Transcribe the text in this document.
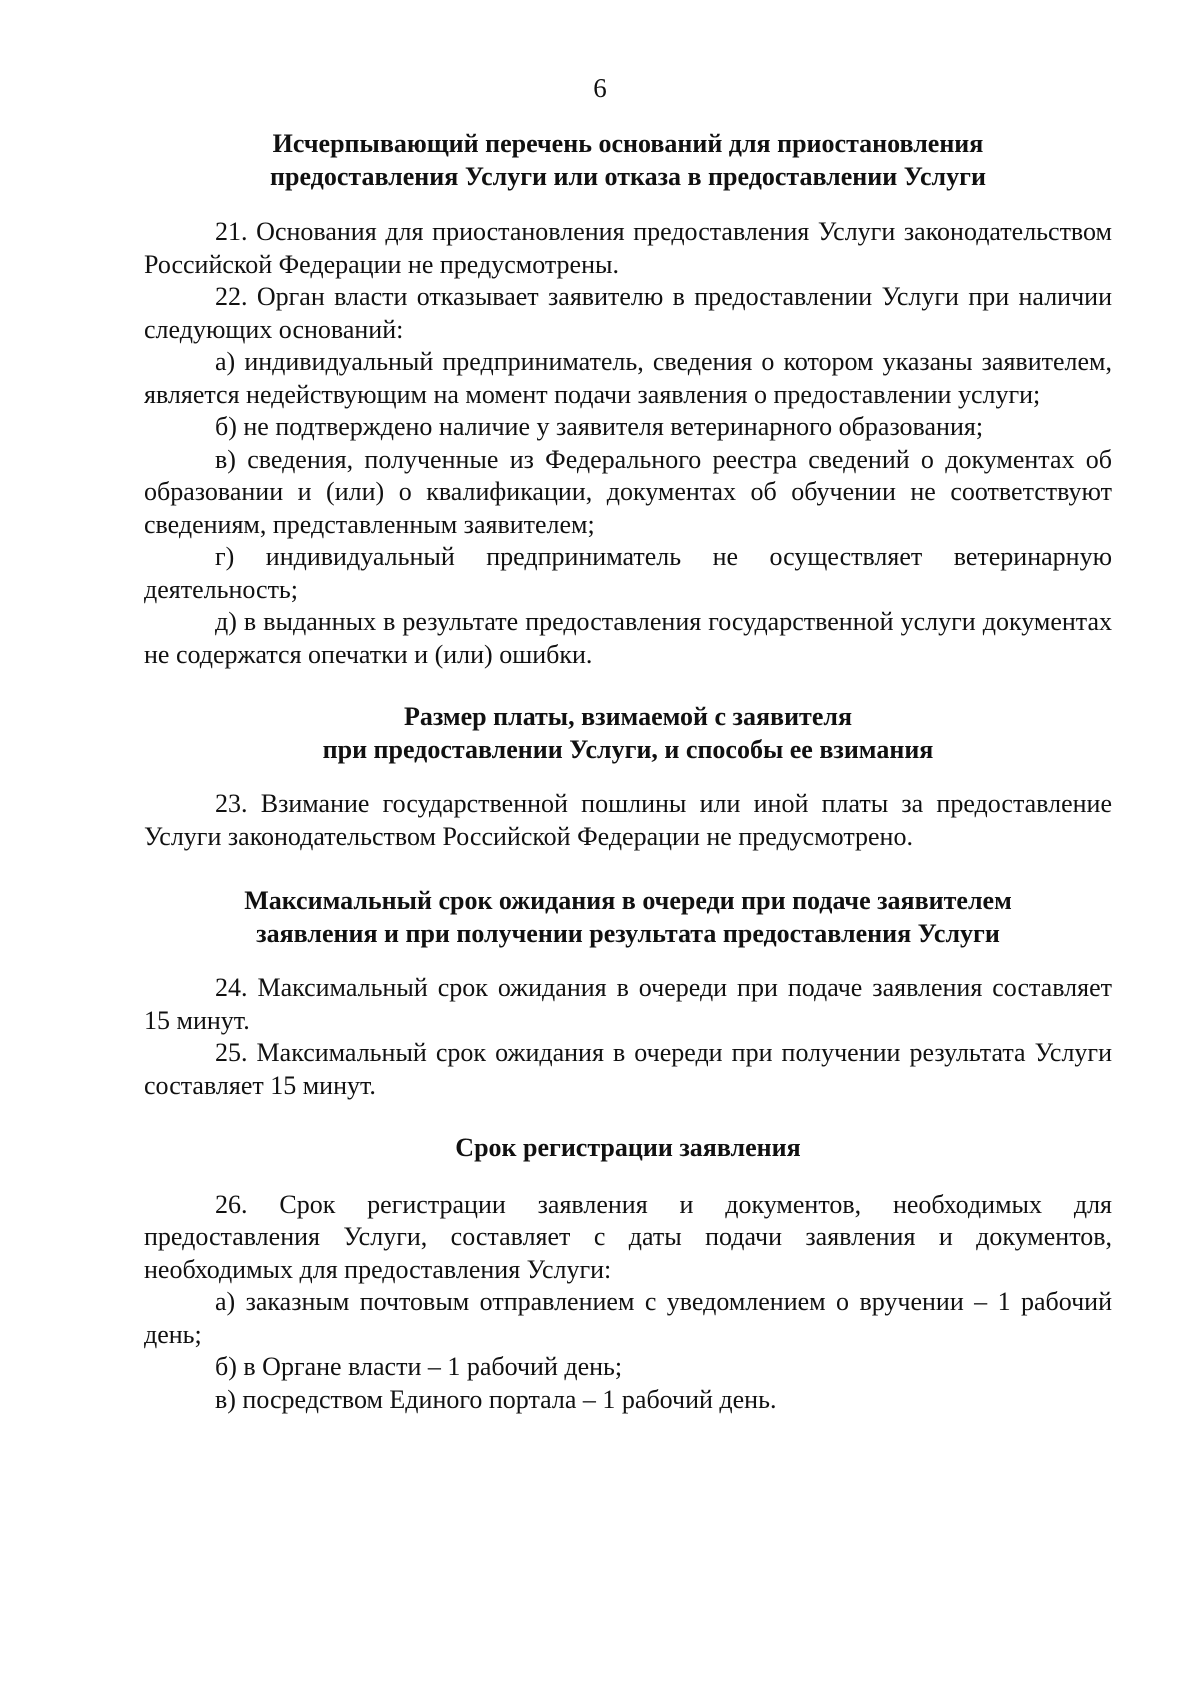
6
Исчерпывающий перечень оснований для приостановления
предоставления Услуги или отказа в предоставлении Услуги

21. Основания для приостановления предоставления Услуги законодательством Российской Федерации не предусмотрены.

22. Орган власти отказывает заявителю в предоставлении Услуги при наличии следующих оснований:

а) индивидуальный предприниматель, сведения о котором указаны заявителем, является недействующим на момент подачи заявления о предоставлении услуги;

б) не подтверждено наличие у заявителя ветеринарного образования;

в) сведения, полученные из Федерального реестра сведений о документах об образовании и (или) о квалификации, документах об обучении не соответствуют сведениям, представленным заявителем;

г) индивидуальный предприниматель не осуществляет ветеринарную деятельность;

д) в выданных в результате предоставления государственной услуги документах не содержатся опечатки и (или) ошибки.

Размер платы, взимаемой с заявителя
при предоставлении Услуги, и способы ее взимания

23. Взимание государственной пошлины или иной платы за предоставление Услуги законодательством Российской Федерации не предусмотрено.

Максимальный срок ожидания в очереди при подаче заявителем
заявления и при получении результата предоставления Услуги

24. Максимальный срок ожидания в очереди при подаче заявления составляет 15 минут.

25. Максимальный срок ожидания в очереди при получении результата Услуги составляет 15 минут.

Срок регистрации заявления

26. Срок регистрации заявления и документов, необходимых для предоставления Услуги, составляет с даты подачи заявления и документов, необходимых для предоставления Услуги:

а) заказным почтовым отправлением с уведомлением о вручении – 1 рабочий день;

б) в Органе власти – 1 рабочий день;

в) посредством Единого портала – 1 рабочий день.
